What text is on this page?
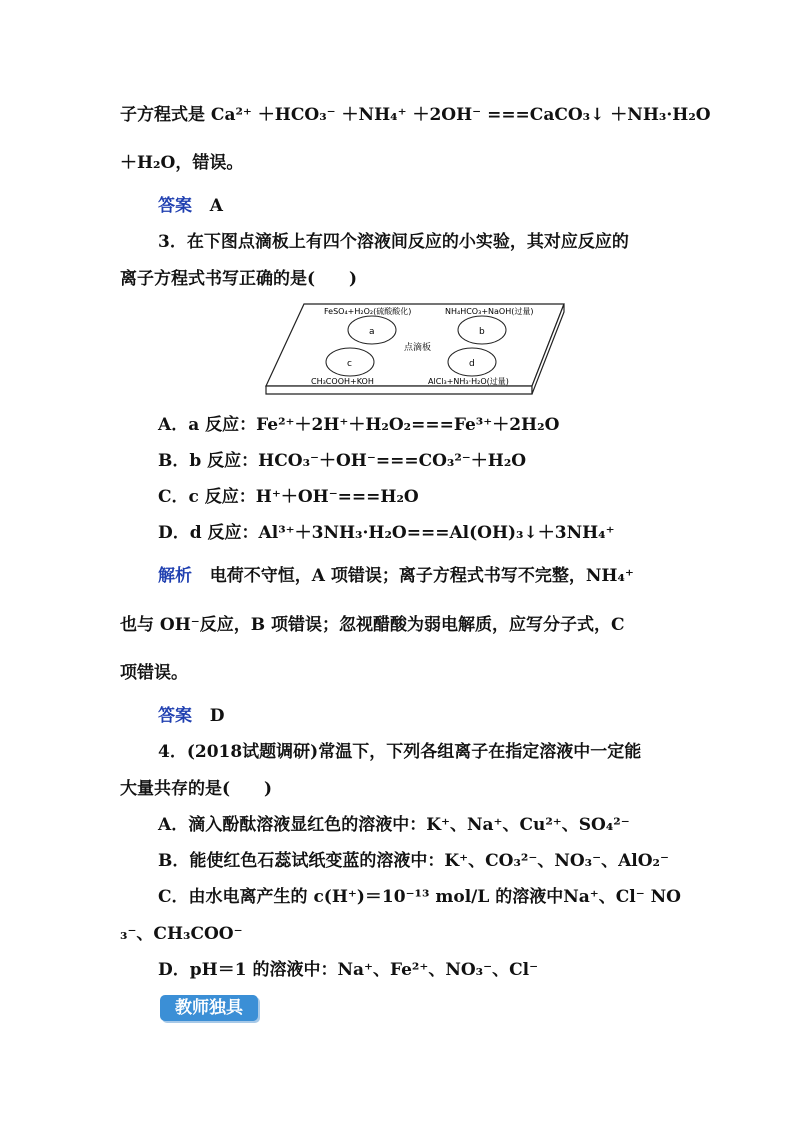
子方程式是 Ca²⁺ ＋HCO₃⁻ ＋NH₄⁺ ＋2OH⁻ ===CaCO₃↓ ＋NH₃·H₂O
＋H₂O，错误。
答案 A
3．在下图点滴板上有四个溶液间反应的小实验，其对应反应的
离子方程式书写正确的是(　　)
FeSO₄+H₂O₂(硫酸酸化)	NH₄HCO₃+NaOH(过量)
CH₃COOH+KOH	AlCl₃+NH₃·H₂O(过量)
点滴板
a	b
c	d
A．a 反应：Fe²⁺＋2H⁺＋H₂O₂===Fe³⁺＋2H₂O
B．b 反应：HCO₃⁻＋OH⁻===CO₃²⁻＋H₂O
C．c 反应：H⁺＋OH⁻===H₂O
D．d 反应：Al³⁺＋3NH₃·H₂O===Al(OH)₃↓＋3NH₄⁺
解析 电荷不守恒，A 项错误；离子方程式书写不完整，NH₄⁺
也与 OH⁻反应，B 项错误；忽视醋酸为弱电解质，应写分子式，C
项错误。
答案 D
4．(2018试题调研)常温下，下列各组离子在指定溶液中一定能
大量共存的是(　　)
A．滴入酚酞溶液显红色的溶液中：K⁺、Na⁺、Cu²⁺、SO₄²⁻
B．能使红色石蕊试纸变蓝的溶液中：K⁺、CO₃²⁻、NO₃⁻、AlO₂⁻
C．由水电离产生的 c(H⁺)＝10⁻¹³ mol/L 的溶液中Na⁺、Cl⁻ NO
₃⁻、CH₃COO⁻
D．pH＝1 的溶液中：Na⁺、Fe²⁺、NO₃⁻、Cl⁻
教师独具
